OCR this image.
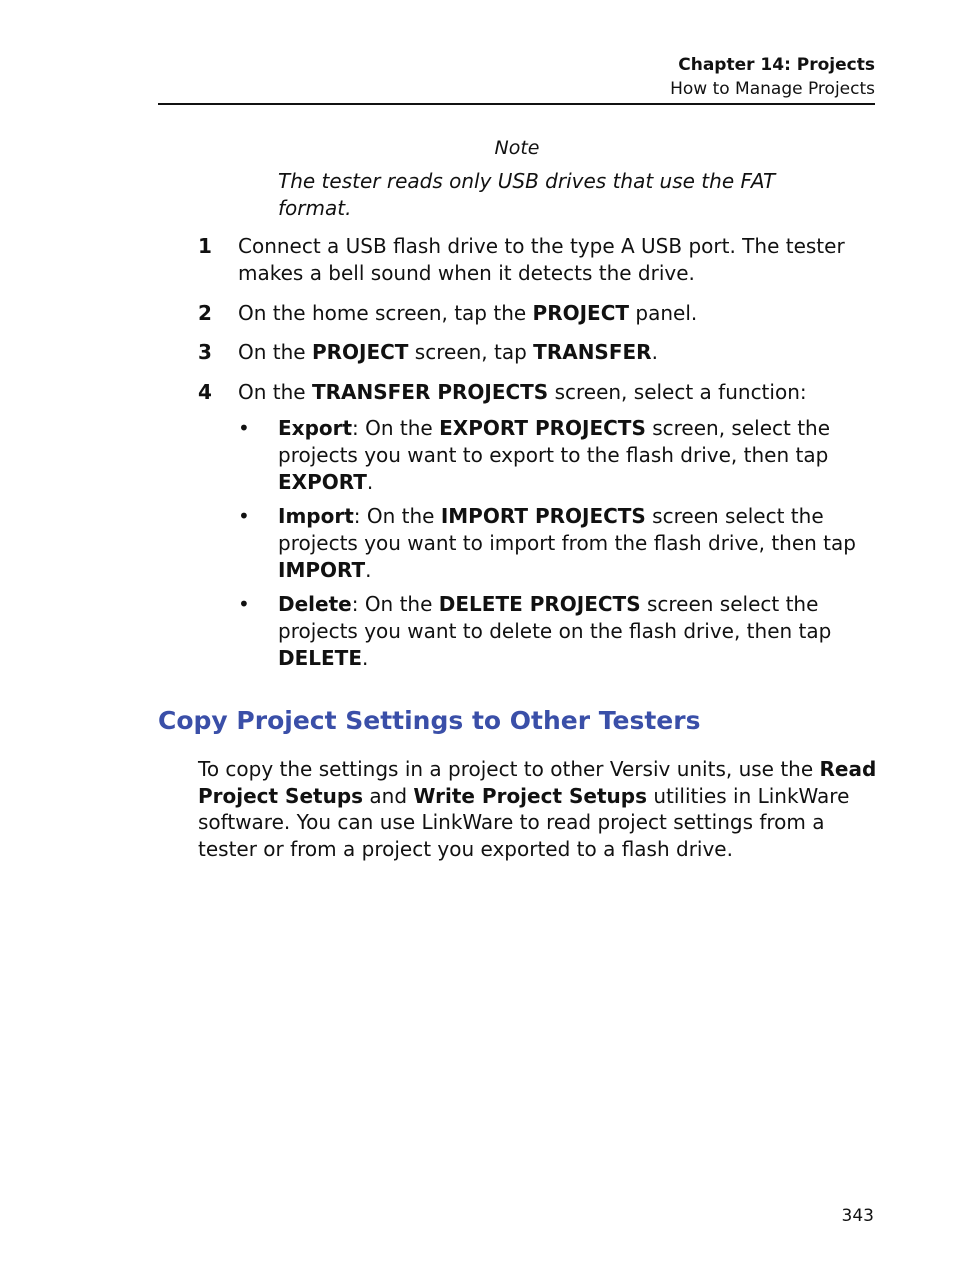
Chapter 14: Projects
How to Manage Projects
Note
The tester reads only USB drives that use the FAT format.
1 Connect a USB flash drive to the type A USB port. The tester makes a bell sound when it detects the drive.
2 On the home screen, tap the PROJECT panel.
3 On the PROJECT screen, tap TRANSFER.
4 On the TRANSFER PROJECTS screen, select a function:
• Export: On the EXPORT PROJECTS screen, select the projects you want to export to the flash drive, then tap EXPORT.
• Import: On the IMPORT PROJECTS screen select the projects you want to import from the flash drive, then tap IMPORT.
• Delete: On the DELETE PROJECTS screen select the projects you want to delete on the flash drive, then tap DELETE.
Copy Project Settings to Other Testers
To copy the settings in a project to other Versiv units, use the Read Project Setups and Write Project Setups utilities in LinkWare software. You can use LinkWare to read project settings from a tester or from a project you exported to a flash drive.
343
